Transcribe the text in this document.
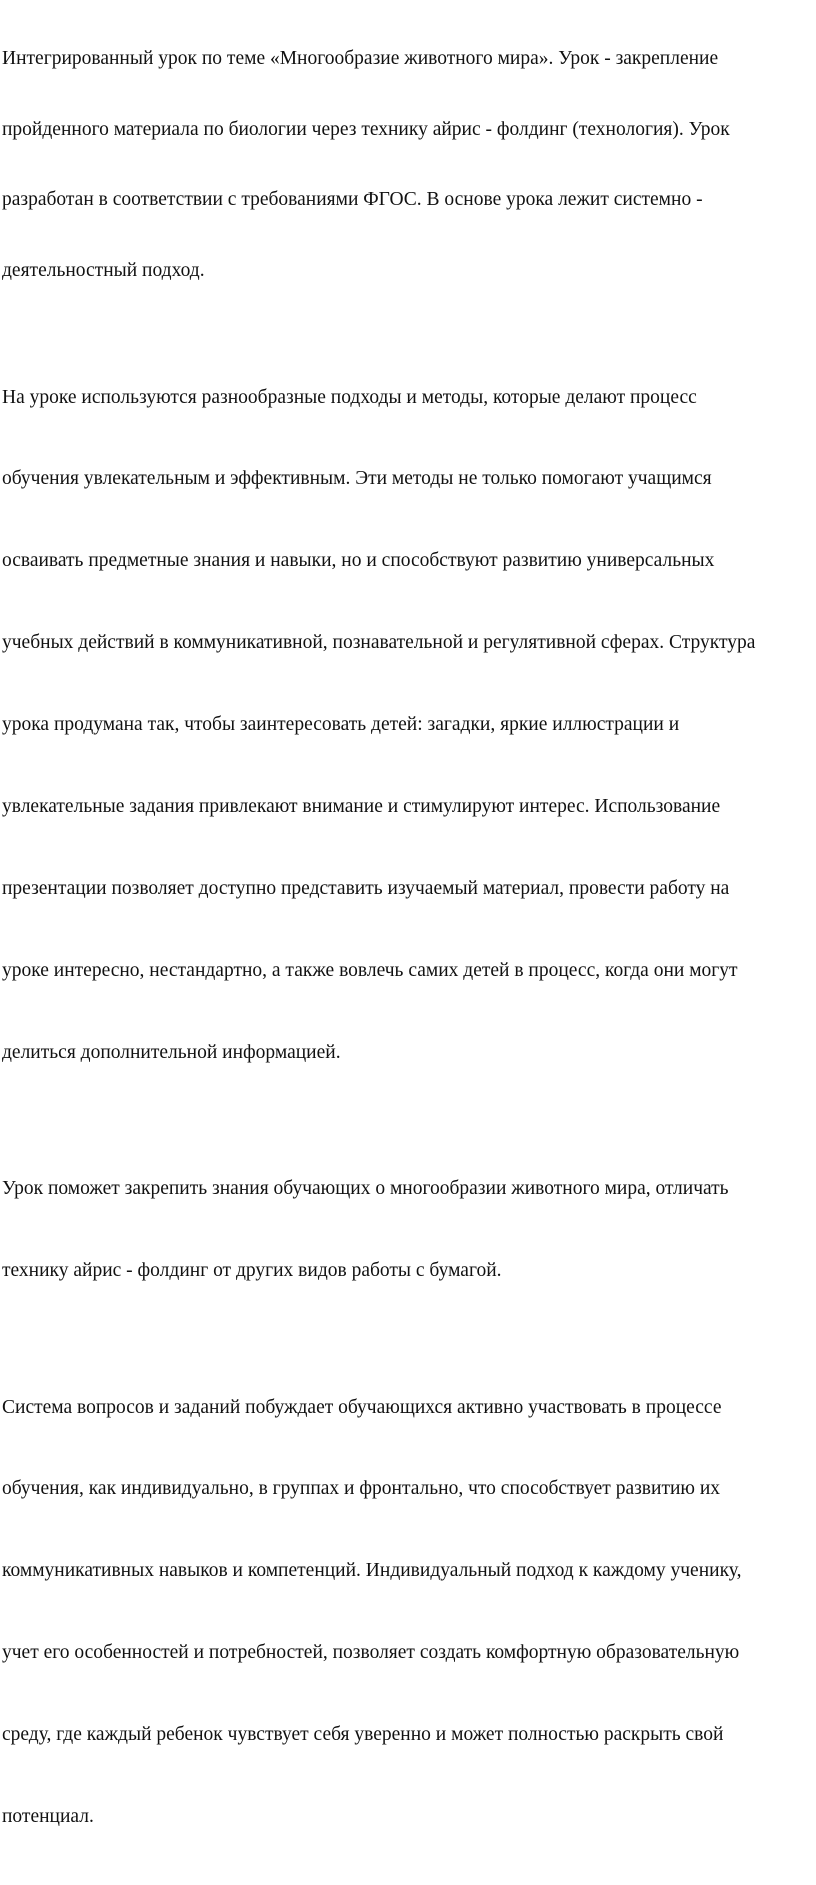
Интегрированный урок по теме «Многообразие животного мира». Урок - закрепление

пройденного материала по биологии через технику айрис - фолдинг (технология). Урок

разработан в соответствии с требованиями ФГОС. В основе урока лежит системно -

деятельностный подход.

На уроке используются разнообразные подходы и методы, которые делают процесс

обучения увлекательным и эффективным. Эти методы не только помогают учащимся

осваивать предметные знания и навыки, но и способствуют развитию универсальных

учебных действий в коммуникативной, познавательной и регулятивной сферах. Структура

урока продумана так, чтобы заинтересовать детей: загадки, яркие иллюстрации и

увлекательные задания привлекают внимание и стимулируют интерес. Использование

презентации позволяет доступно представить изучаемый материал, провести работу на

уроке интересно, нестандартно, а также вовлечь самих детей в процесс, когда они могут

делиться дополнительной информацией.

Урок поможет закрепить знания обучающих о многообразии животного мира, отличать

технику айрис - фолдинг от других видов работы с бумагой.

Система вопросов и заданий побуждает обучающихся активно участвовать в процессе

обучения, как индивидуально, в группах и фронтально, что способствует развитию их

коммуникативных навыков и компетенций. Индивидуальный подход к каждому ученику,

учет его особенностей и потребностей, позволяет создать комфортную образовательную

среду, где каждый ребенок чувствует себя уверенно и может полностью раскрыть свой

потенциал.
